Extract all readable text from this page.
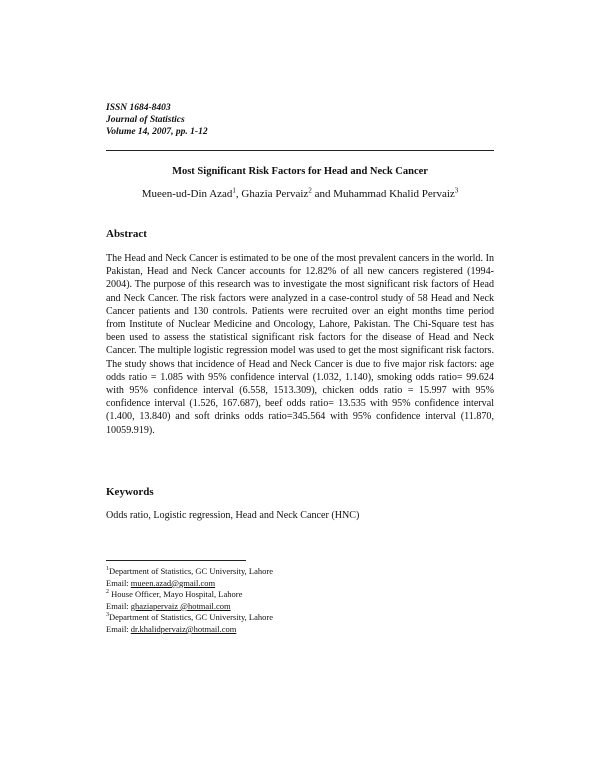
ISSN 1684-8403
Journal of Statistics
Volume 14, 2007, pp. 1-12
Most Significant Risk Factors for Head and Neck Cancer
Mueen-ud-Din Azad$^1$, Ghazia Pervaiz$^2$ and Muhammad Khalid Pervaiz$^3$
Abstract
The Head and Neck Cancer is estimated to be one of the most prevalent cancers in the world. In Pakistan, Head and Neck Cancer accounts for 12.82% of all new cancers registered (1994-2004). The purpose of this research was to investigate the most significant risk factors of Head and Neck Cancer. The risk factors were analyzed in a case-control study of 58 Head and Neck Cancer patients and 130 controls. Patients were recruited over an eight months time period from Institute of Nuclear Medicine and Oncology, Lahore, Pakistan. The Chi-Square test has been used to assess the statistical significant risk factors for the disease of Head and Neck Cancer. The multiple logistic regression model was used to get the most significant risk factors. The study shows that incidence of Head and Neck Cancer is due to five major risk factors: age odds ratio = 1.085 with 95% confidence interval (1.032, 1.140), smoking odds ratio= 99.624 with 95% confidence interval (6.558, 1513.309), chicken odds ratio = 15.997 with 95% confidence interval (1.526, 167.687), beef odds ratio= 13.535 with 95% confidence interval (1.400, 13.840) and soft drinks odds ratio=345.564 with 95% confidence interval (11.870, 10059.919).
Keywords
Odds ratio, Logistic regression, Head and Neck Cancer (HNC)
$^1$Department of Statistics, GC University, Lahore
Email: mueen.azad@gmail.com
$^2$ House Officer, Mayo Hospital, Lahore
Email: ghaziapervaiz @hotmail.com
$^3$Department of Statistics, GC University, Lahore
Email: dr.khalidpervaiz@hotmail.com
